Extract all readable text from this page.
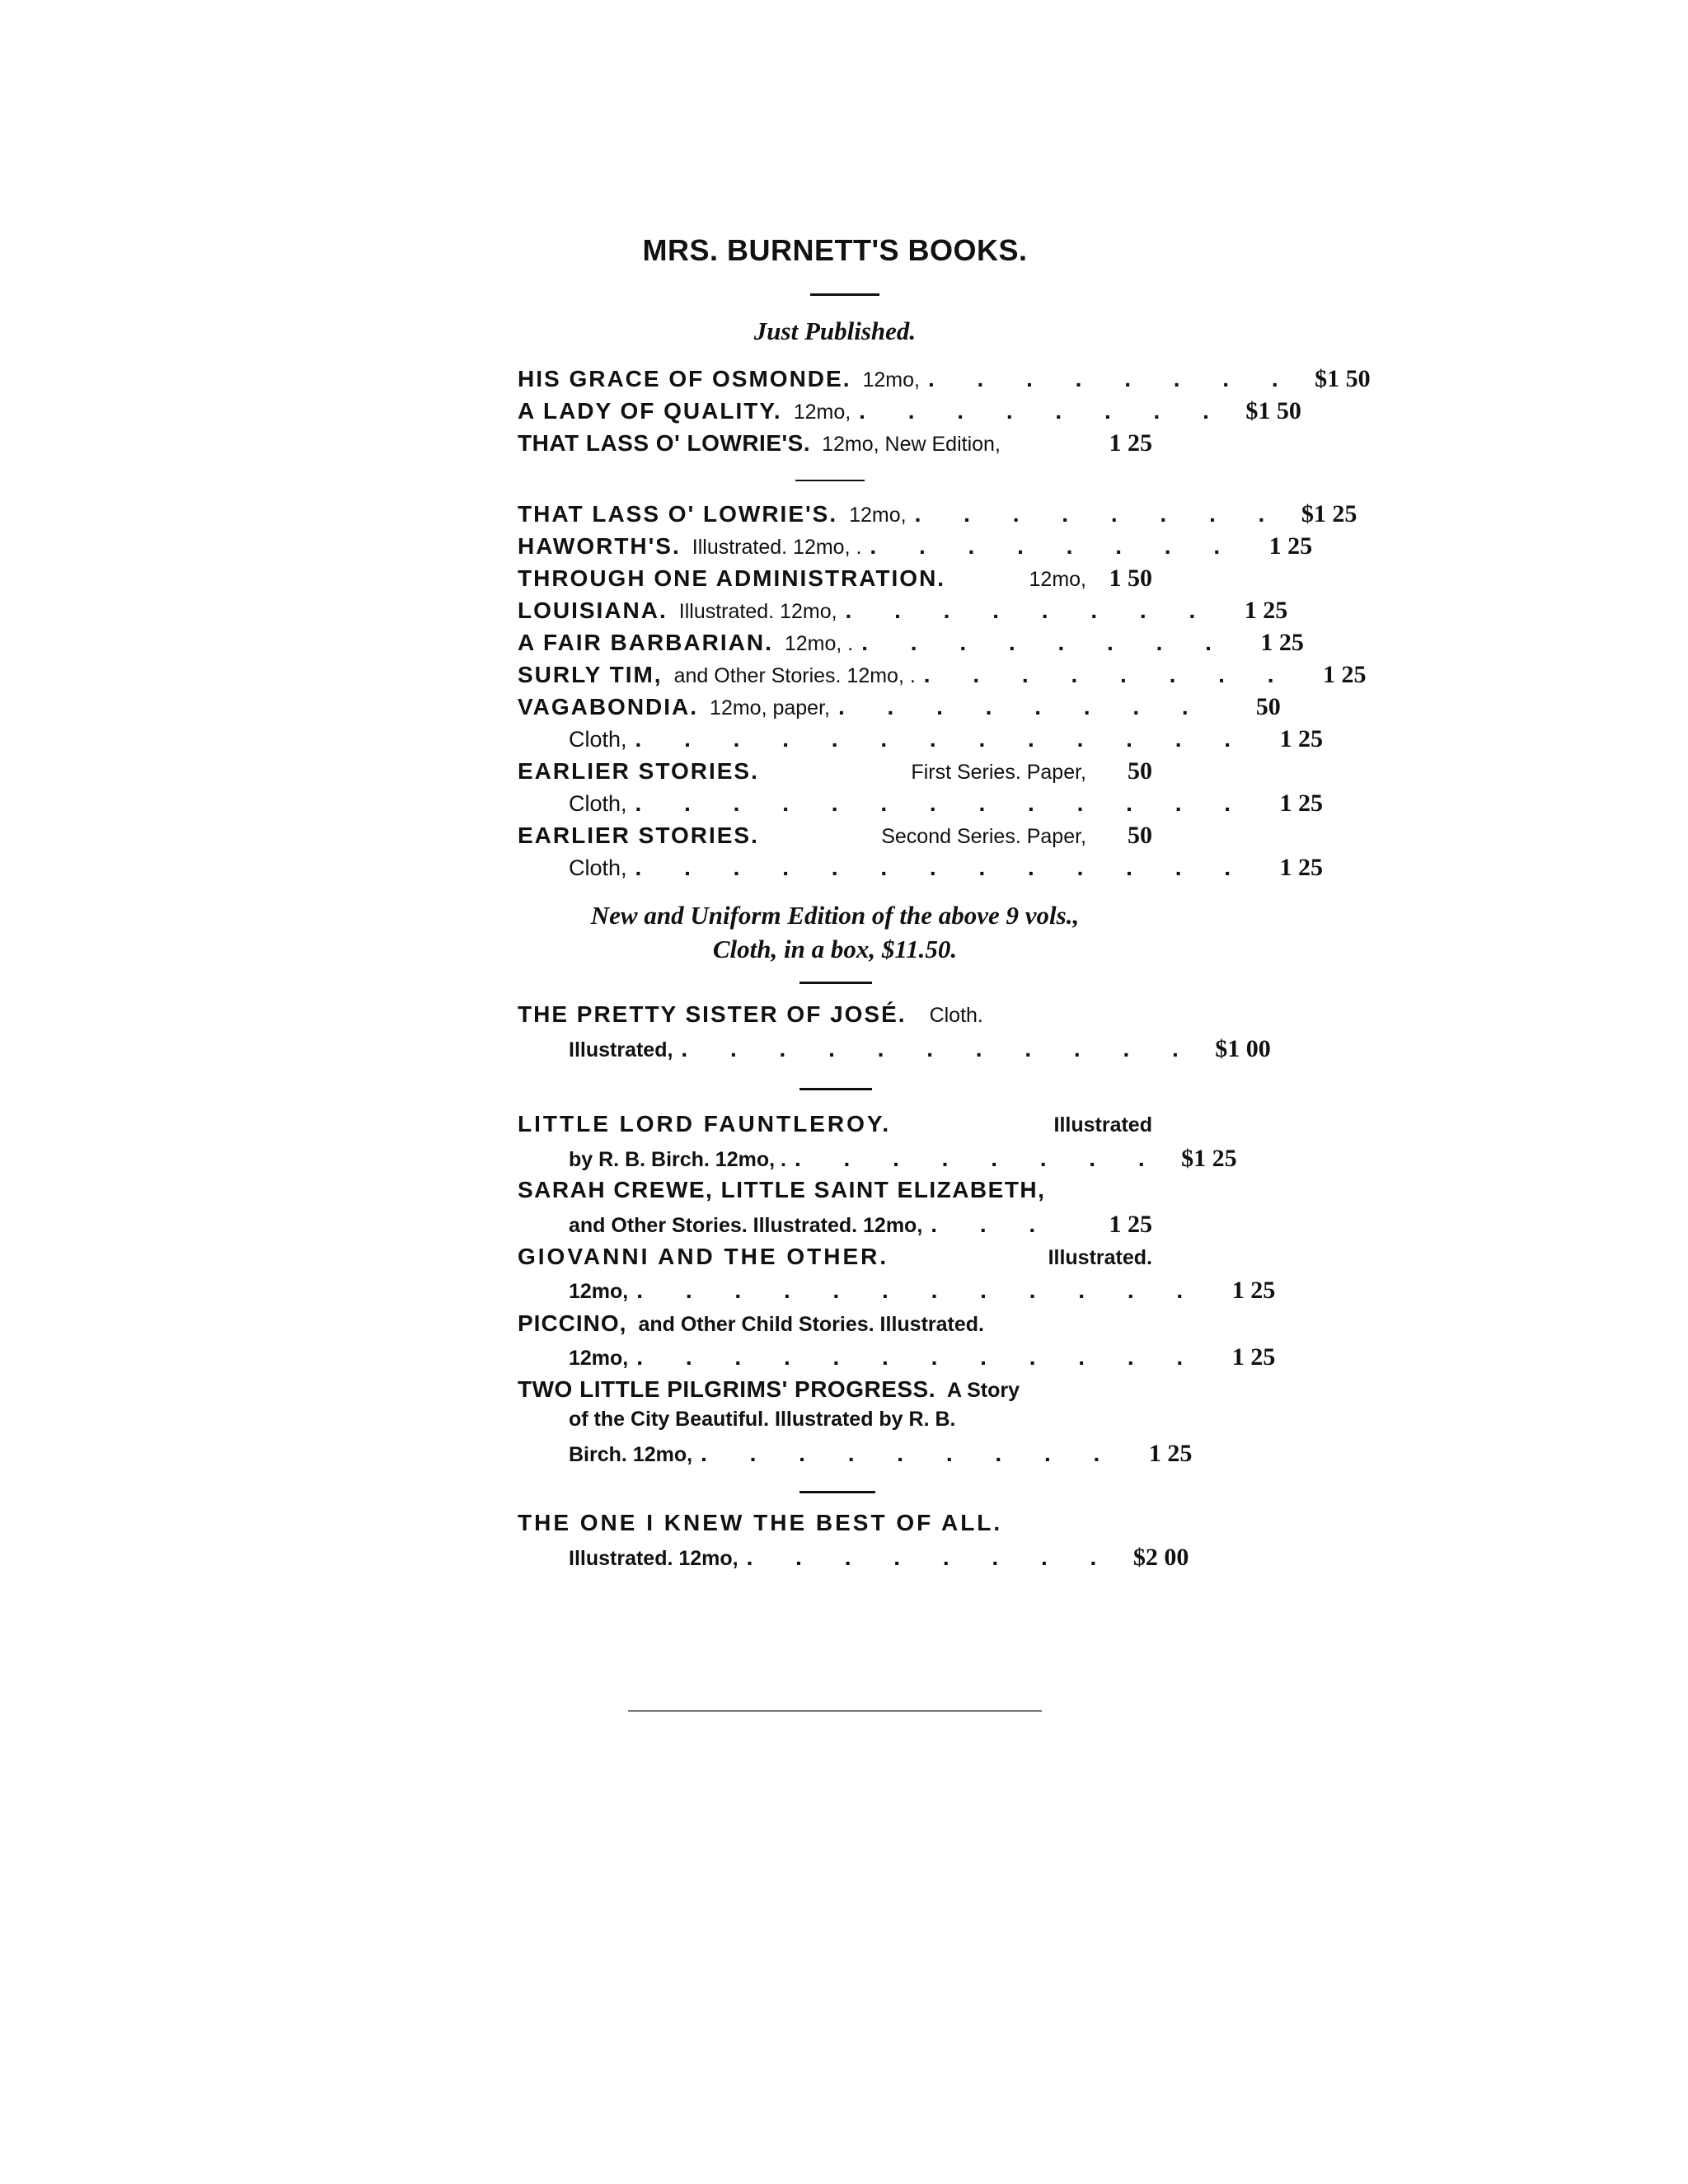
MRS. BURNETT'S BOOKS.
Just Published.
HIS GRACE OF OSMONDE. 12mo, . . . . . . . . $1 50
A LADY OF QUALITY. 12mo, . . . . . . . . $1 50
THAT LASS O' LOWRIE'S. 12mo, New Edition,	1 25
THAT LASS O' LOWRIE'S. 12mo, . . . . . . . . $1 25
HAWORTH'S. Illustrated. 12mo, . . . . . . . . .	1 25
THROUGH ONE ADMINISTRATION.	12mo, 1 50
LOUISIANA. Illustrated. 12mo, . . . . . . . .	1 25
A FAIR BARBARIAN. 12mo, . . . . . . . . .	1 25
SURLY TIM, and Other Stories. 12mo, . . . . . . . . .	1 25
VAGABONDIA. 12mo, paper, . . . . . . . .	50
Cloth, . . . . . . . . . . . . .	1 25
EARLIER STORIES.	First Series. Paper,	50
Cloth, . . . . . . . . . . . . .	1 25
EARLIER STORIES.	Second Series. Paper,	50
Cloth, . . . . . . . . . . . . .	1 25
New and Uniform Edition of the above 9 vols.,
Cloth, in a box, $11.50.
THE PRETTY SISTER OF JOSÉ. Cloth.
Illustrated, . . . . . . . . . . . $1 00
LITTLE LORD FAUNTLEROY.	Illustrated
by R. B. Birch. 12mo, . . . . . . . . . $1 25
SARAH CREWE, LITTLE SAINT ELIZABETH,
and Other Stories. Illustrated. 12mo, . . .	1 25
GIOVANNI AND THE OTHER.	Illustrated.
12mo, . . . . . . . . . . . .	1 25
PICCINO, and Other Child Stories. Illustrated.
12mo, . . . . . . . . . . . .	1 25
TWO LITTLE PILGRIMS' PROGRESS. A Story
of the City Beautiful. Illustrated by R. B.
Birch. 12mo, . . . . . . . . .	1 25
THE ONE I KNEW THE BEST OF ALL.
Illustrated. 12mo, . . . . . . . . $2 00
